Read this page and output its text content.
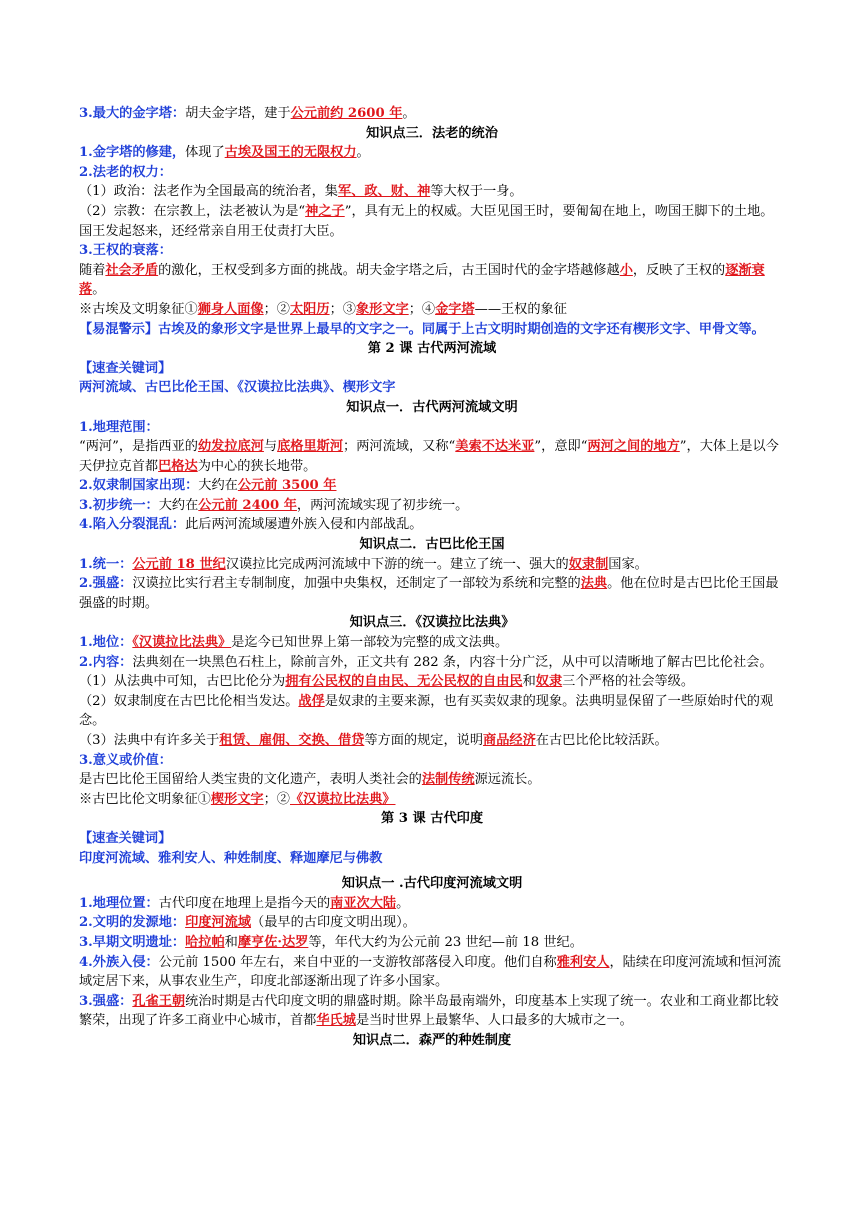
3.最大的金字塔：胡夫金字塔，建于公元前约 2600 年。

知识点三．法老的统治

1.金字塔的修建，体现了古埃及国王的无限权力。

2.法老的权力：

（1）政治：法老作为全国最高的统治者，集军、政、财、神等大权于一身。

（2）宗教：在宗教上，法老被认为是“神之子”，具有无上的权威。大臣见国王时，要匍匐在地上，吻国王脚下的土地。国王发起怒来，还经常亲自用王仗责打大臣。

3.王权的衰落：

随着社会矛盾的激化，王权受到多方面的挑战。胡夫金字塔之后，古王国时代的金字塔越修越小，反映了王权的逐渐衰落。

※古埃及文明象征①狮身人面像；②太阳历；③象形文字；④金字塔——王权的象征

【易混警示】古埃及的象形文字是世界上最早的文字之一。同属于上古文明时期创造的文字还有楔形文字、甲骨文等。

第 2 课 古代两河流域

【速查关键词】

两河流域、古巴比伦王国、《汉谟拉比法典》、楔形文字

知识点一．古代两河流域文明

1.地理范围：

“两河”，是指西亚的幼发拉底河与底格里斯河；两河流域，又称“美索不达米亚”，意即“两河之间的地方”，大体上是以今天伊拉克首都巴格达为中心的狭长地带。

2.奴隶制国家出现：大约在公元前 3500 年

3.初步统一：大约在公元前 2400 年，两河流域实现了初步统一。

4.陷入分裂混乱：此后两河流域屡遭外族入侵和内部战乱。

知识点二．古巴比伦王国

1.统一：公元前 18 世纪汉谟拉比完成两河流域中下游的统一。建立了统一、强大的奴隶制国家。

2.强盛：汉谟拉比实行君主专制制度，加强中央集权，还制定了一部较为系统和完整的法典。他在位时是古巴比伦王国最强盛的时期。

知识点三．《汉谟拉比法典》

1.地位：《汉谟拉比法典》是迄今已知世界上第一部较为完整的成文法典。

2.内容：法典刻在一块黑色石柱上，除前言外，正文共有 282 条，内容十分广泛，从中可以清晰地了解古巴比伦社会。

（1）从法典中可知，古巴比伦分为拥有公民权的自由民、无公民权的自由民和奴隶三个严格的社会等级。

（2）奴隶制度在古巴比伦相当发达。战俘是奴隶的主要来源，也有买卖奴隶的现象。法典明显保留了一些原始时代的观念。

（3）法典中有许多关于租赁、雇佣、交换、借贷等方面的规定，说明商品经济在古巴比伦比较活跃。

3.意义或价值：

是古巴比伦王国留给人类宝贵的文化遗产，表明人类社会的法制传统源远流长。

※古巴比伦文明象征①楔形文字；②《汉谟拉比法典》

第 3 课 古代印度

【速查关键词】

印度河流域、雅利安人、种姓制度、释迦摩尼与佛教

知识点一 .古代印度河流域文明

1.地理位置：古代印度在地理上是指今天的南亚次大陆。

2.文明的发源地：印度河流域（最早的古印度文明出现）。

3.早期文明遗址：哈拉帕和摩亨佐·达罗等，年代大约为公元前 23 世纪—前 18 世纪。

4.外族入侵：公元前 1500 年左右，来自中亚的一支游牧部落侵入印度。他们自称雅利安人，陆续在印度河流域和恒河流域定居下来，从事农业生产，印度北部逐渐出现了许多小国家。

3.强盛：孔雀王朝统治时期是古代印度文明的鼎盛时期。除半岛最南端外，印度基本上实现了统一。农业和工商业都比较繁荣，出现了许多工商业中心城市，首都华氏城是当时世界上最繁华、人口最多的大城市之一。

知识点二．森严的种姓制度
